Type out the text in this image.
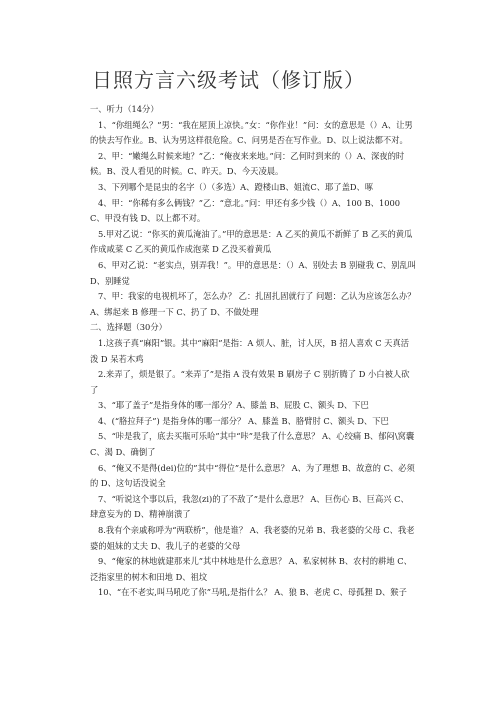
日照方言六级考试（修订版）

一、听力（14分）

1、“你组绳么？”男：“我在屋顶上凉快。”女：“你作业！”问：女的意思是（）A、让男的快去写作业。B、认为男这样很危险。C、问男是否在写作业。D、以上说法都不对。

2、甲：“嫩绳么时候来地？”乙：“俺夜来来地。”问：乙何时到来的（）A、深夜的时候。B、没人看见的时候。C、昨天。D、今天凌晨。

3、下列哪个是昆虫的名字（）（多选）A、蹬楼山B、姐流C、耶了盖D、啄

4、甲：“你稀有多么俩钱？”乙：“意北。”问：甲还有多少钱（）A、100 B、1000 C、甲没有钱 D、以上都不对。

5.甲对乙说：“你买的黄瓜淹油了。”甲的意思是：A 乙买的黄瓜不新鲜了 B 乙买的黄瓜作成咸菜 C 乙买的黄瓜作成泡菜 D 乙没买着黄瓜

6、甲对乙说：“老实点，别弄我！”。甲的意思是：（）A、别处去 B 别碰我 C、别乱叫 D、别睡觉

7、甲：我家的电视机坏了，怎么办？ 乙：扎固扎固就行了 问题：乙认为应该怎么办？ A、绑起来 B 修理一下 C、扔了 D、不做处理

二、选择题（30分）

1.这孩子真“麻阳”银。其中“麻阳”是指：A 烦人、脏，讨人厌，B 招人喜欢 C 天真活泼 D 呆若木鸡

2.来弄了，烦是银了。“来弄了”是指 A 没有效果 B 刷房子 C 别折腾了 D 小白被人砍了

3、“耶了盖子”是指身体的哪一部分？A、膝盖 B、屁股 C、额头 D、下巴

4、(“胳拉拜子”) 是指身体的哪一部分？ A、膝盖 B、胳臂肘 C、额头 D、下巴

5、“咔是我了，底去买瓶可乐哈”其中“咔”是我了什么意思？ A、心绞痛 B、郁闷\窝囊 C、渴 D、确倒了

6、“俺又不是得(dei)位的”其中“得位”是什么意思？ A、为了理想 B、故意的 C、必须的 D、这句话没说全

7、“听说这个事以后，我忽(zi)的了不敌了”是什么意思？ A、巨伤心 B、巨高兴 C、肆意妄为的 D、精神崩溃了

8.我有个亲戚称呼为“两联桥”，他是谁？ A、我老婆的兄弟 B、我老婆的父母 C、我老婆的姐妹的丈夫 D、我儿子的老婆的父母

9、“俺家的林地就建那来儿”其中林地是什么意思？ A、私家树林 B、农村的耕地 C、泛指家里的树木和田地 D、祖坟

10、“在不老实,叫马吼吃了你”马吼,是指什么？ A、狼 B、老虎 C、母孤狸 D、猴子
